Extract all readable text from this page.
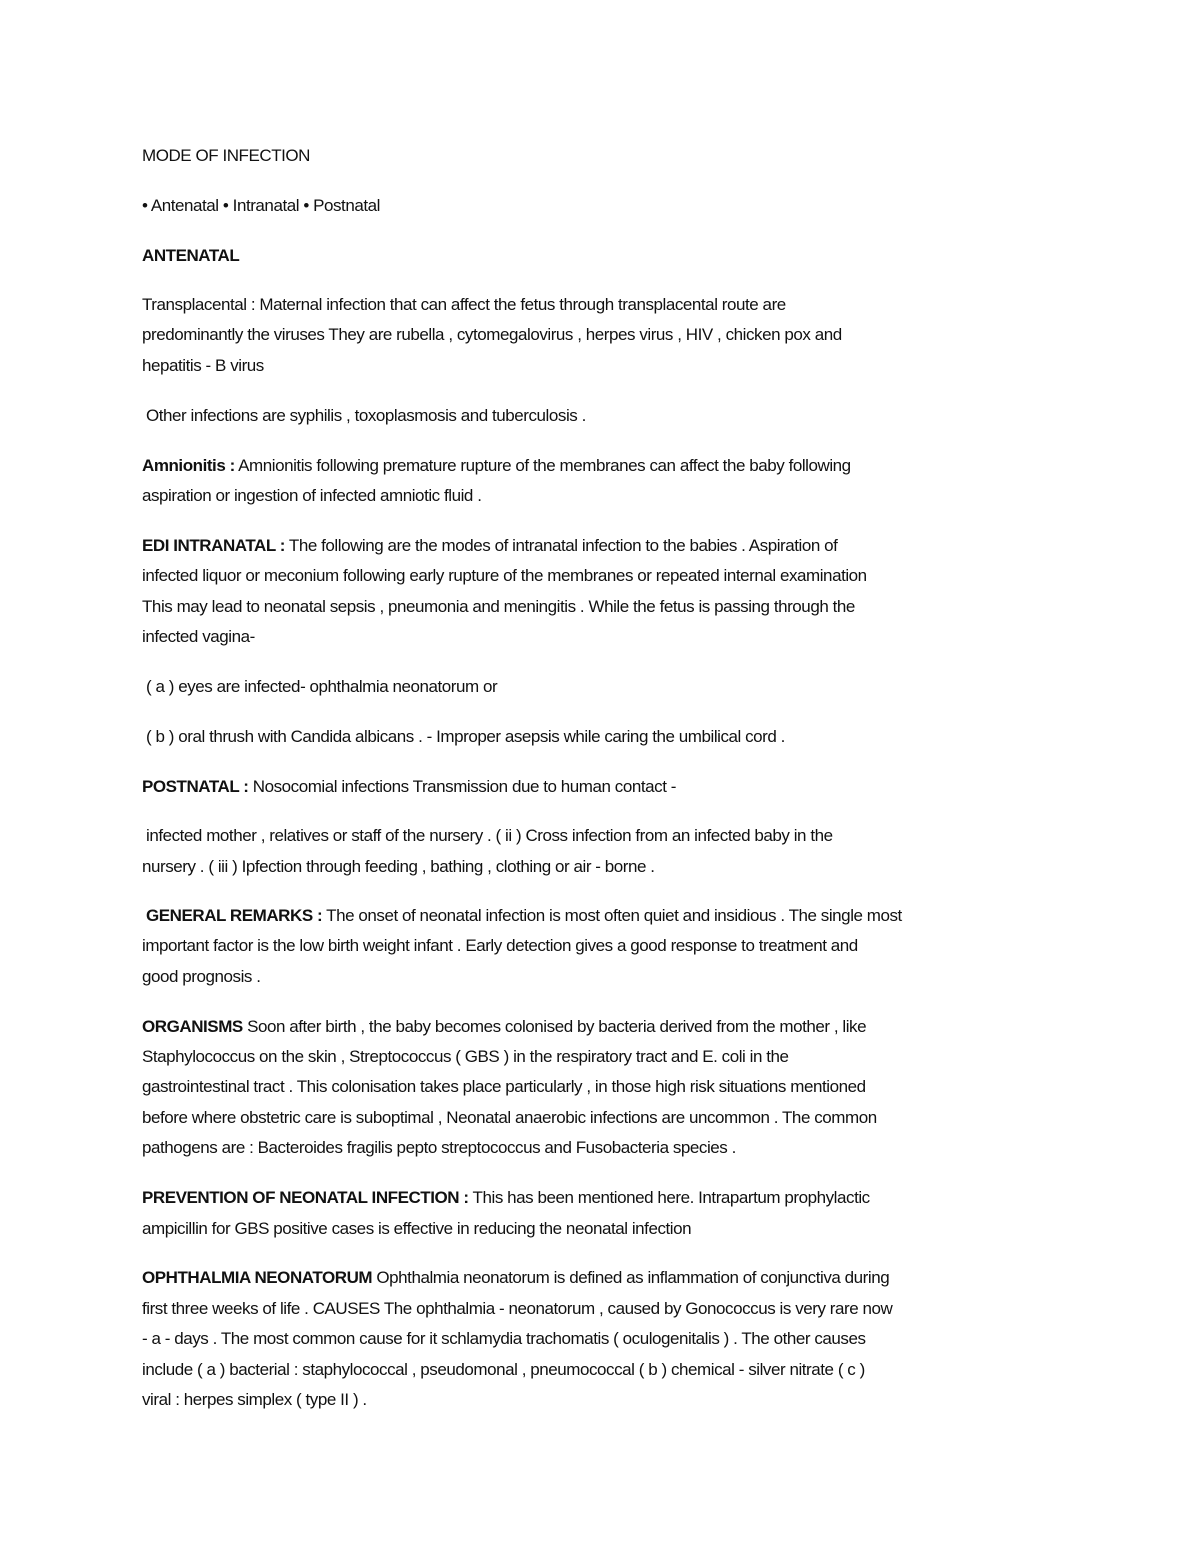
MODE OF INFECTION
• Antenatal • Intranatal • Postnatal
ANTENATAL
Transplacental : Maternal infection that can affect the fetus through transplacental route are
predominantly the viruses They are rubella , cytomegalovirus , herpes virus , HIV , chicken pox and
hepatitis - B virus
Other infections are syphilis , toxoplasmosis and tuberculosis .
Amnionitis : Amnionitis following premature rupture of the membranes can affect the baby following
aspiration or ingestion of infected amniotic fluid .
EDI INTRANATAL : The following are the modes of intranatal infection to the babies . Aspiration of
infected liquor or meconium following early rupture of the membranes or repeated internal examination
This may lead to neonatal sepsis , pneumonia and meningitis . While the fetus is passing through the
infected vagina-
( a ) eyes are infected- ophthalmia neonatorum or
( b ) oral thrush with Candida albicans . - Improper asepsis while caring the umbilical cord .
POSTNATAL : Nosocomial infections Transmission due to human contact -
infected mother , relatives or staff of the nursery . ( ii ) Cross infection from an infected baby in the
nursery . ( iii ) Ipfection through feeding , bathing , clothing or air - borne .
GENERAL REMARKS : The onset of neonatal infection is most often quiet and insidious . The single most
important factor is the low birth weight infant . Early detection gives a good response to treatment and
good prognosis .
ORGANISMS Soon after birth , the baby becomes colonised by bacteria derived from the mother , like
Staphylococcus on the skin , Streptococcus ( GBS ) in the respiratory tract and E. coli in the
gastrointestinal tract . This colonisation takes place particularly , in those high risk situations mentioned
before where obstetric care is suboptimal , Neonatal anaerobic infections are uncommon . The common
pathogens are : Bacteroides fragilis pepto streptococcus and Fusobacteria species .
PREVENTION OF NEONATAL INFECTION : This has been mentioned here. Intrapartum prophylactic
ampicillin for GBS positive cases is effective in reducing the neonatal infection
OPHTHALMIA NEONATORUM Ophthalmia neonatorum is defined as inflammation of conjunctiva during
first three weeks of life . CAUSES The ophthalmia - neonatorum , caused by Gonococcus is very rare now
- a - days . The most common cause for it schlamydia trachomatis ( oculogenitalis ) . The other causes
include ( a ) bacterial : staphylococcal , pseudomonal , pneumococcal ( b ) chemical - silver nitrate ( c )
viral : herpes simplex ( type II ) .
